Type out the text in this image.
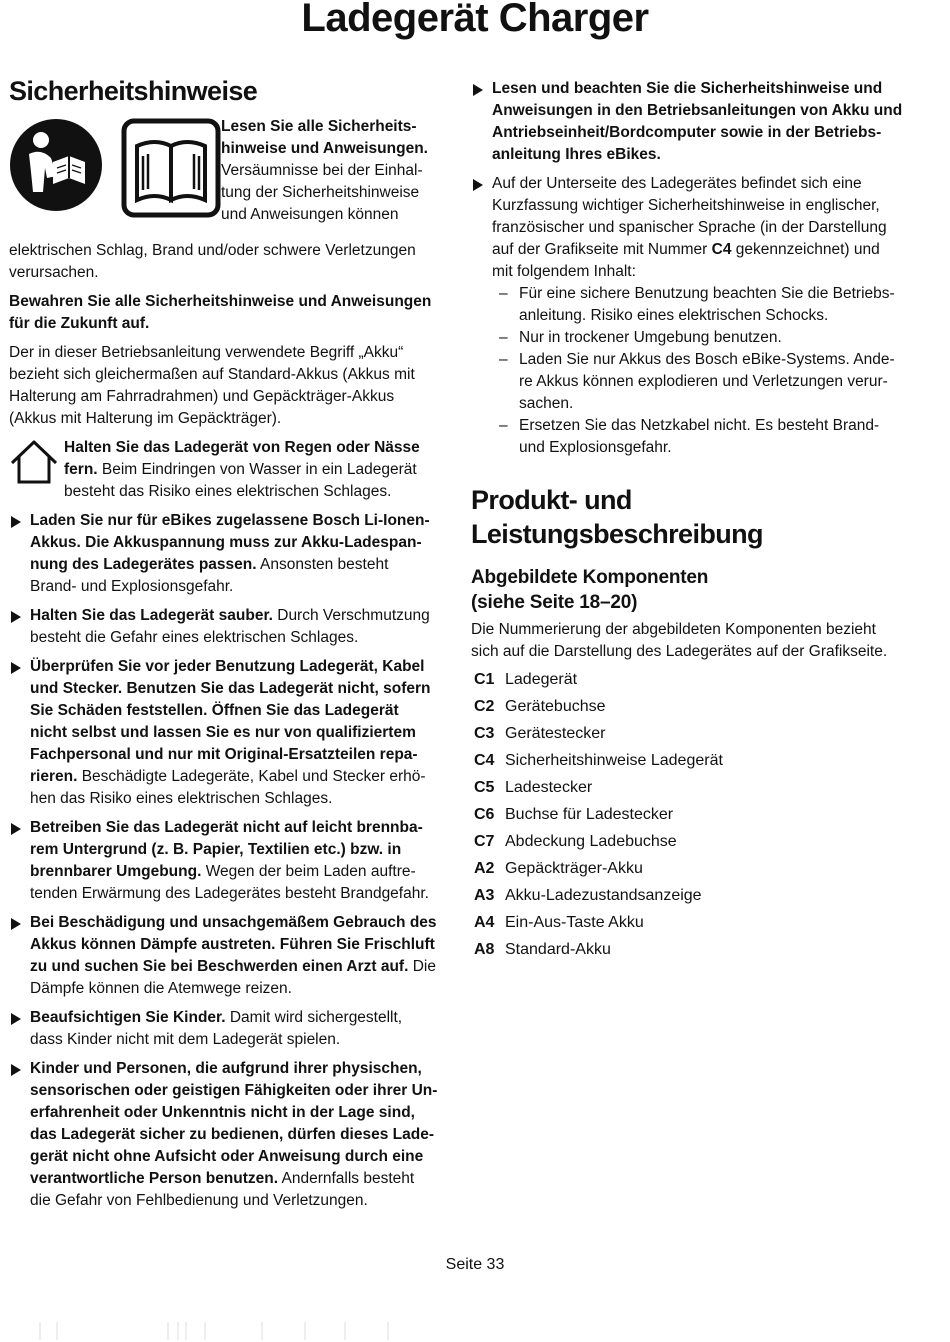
Ladegerät Charger
Sicherheitshinweise
Lesen Sie alle Sicherheitshinweise und Anweisungen. Versäumnisse bei der Einhaltung der Sicherheitshinweise und Anweisungen können

elektrischen Schlag, Brand und/oder schwere Verletzungen verursachen.

Bewahren Sie alle Sicherheitshinweise und Anweisungen für die Zukunft auf.

Der in dieser Betriebsanleitung verwendete Begriff „Akku“ bezieht sich gleichermaßen auf Standard-Akkus (Akkus mit Halterung am Fahrradrahmen) und Gepäckträger-Akkus (Akkus mit Halterung im Gepäckträger).

Halten Sie das Ladegerät von Regen oder Nässe fern. Beim Eindringen von Wasser in ein Ladegerät besteht das Risiko eines elektrischen Schlages.
Laden Sie nur für eBikes zugelassene Bosch Li-Ionen-Akkus. Die Akkuspannung muss zur Akku-Ladespannung des Ladegerätes passen. Ansonsten besteht Brand- und Explosionsgefahr.
Halten Sie das Ladegerät sauber. Durch Verschmutzung besteht die Gefahr eines elektrischen Schlages.
Überprüfen Sie vor jeder Benutzung Ladegerät, Kabel und Stecker. Benutzen Sie das Ladegerät nicht, sofern Sie Schäden feststellen. Öffnen Sie das Ladegerät nicht selbst und lassen Sie es nur von qualifiziertem Fachpersonal und nur mit Original-Ersatzteilen reparieren. Beschädigte Ladegeräte, Kabel und Stecker erhöhen das Risiko eines elektrischen Schlages.
Betreiben Sie das Ladegerät nicht auf leicht brennbarem Untergrund (z. B. Papier, Textilien etc.) bzw. in brennbarer Umgebung. Wegen der beim Laden auftretenden Erwärmung des Ladegerätes besteht Brandgefahr.
Bei Beschädigung und unsachgemäßem Gebrauch des Akkus können Dämpfe austreten. Führen Sie Frischluft zu und suchen Sie bei Beschwerden einen Arzt auf. Die Dämpfe können die Atemwege reizen.
Beaufsichtigen Sie Kinder. Damit wird sichergestellt, dass Kinder nicht mit dem Ladegerät spielen.
Kinder und Personen, die aufgrund ihrer physischen, sensorischen oder geistigen Fähigkeiten oder ihrer Unerfahrenheit oder Unkenntnis nicht in der Lage sind, das Ladegerät sicher zu bedienen, dürfen dieses Ladegerät nicht ohne Aufsicht oder Anweisung durch eine verantwortliche Person benutzen. Andernfalls besteht die Gefahr von Fehlbedienung und Verletzungen.
Lesen und beachten Sie die Sicherheitshinweise und Anweisungen in den Betriebsanleitungen von Akku und Antriebseinheit/Bordcomputer sowie in der Betriebsanleitung Ihres eBikes.
Auf der Unterseite des Ladegerätes befindet sich eine Kurzfassung wichtiger Sicherheitshinweise in englischer, französischer und spanischer Sprache (in der Darstellung auf der Grafikseite mit Nummer C4 gekennzeichnet) und mit folgendem Inhalt:
– Für eine sichere Benutzung beachten Sie die Betriebsanleitung. Risiko eines elektrischen Schocks.
– Nur in trockener Umgebung benutzen.
– Laden Sie nur Akkus des Bosch eBike-Systems. Andere Akkus können explodieren und Verletzungen verursachen.
– Ersetzen Sie das Netzkabel nicht. Es besteht Brand- und Explosionsgefahr.
Produkt- und Leistungsbeschreibung
Abgebildete Komponenten
(siehe Seite 18–20)

Die Nummerierung der abgebildeten Komponenten bezieht sich auf die Darstellung des Ladegerätes auf der Grafikseite.

C1 Ladegerät
C2 Gerätebuchse
C3 Gerätestecker
C4 Sicherheitshinweise Ladegerät
C5 Ladestecker
C6 Buchse für Ladestecker
C7 Abdeckung Ladebuchse
A2 Gepäckträger-Akku
A3 Akku-Ladezustandsanzeige
A4 Ein-Aus-Taste Akku
A8 Standard-Akku
Seite 33
